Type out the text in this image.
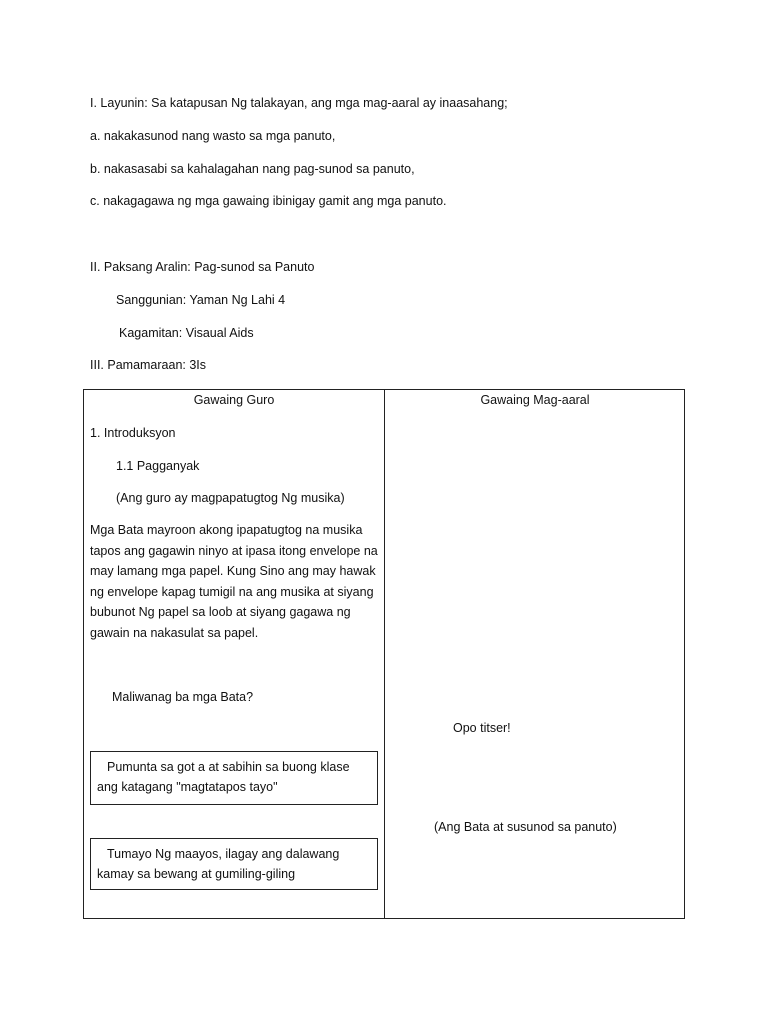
I. Layunin: Sa katapusan Ng talakayan, ang mga mag-aaral ay inaasahang;
a. nakakasunod nang wasto sa mga panuto,
b. nakasasabi sa kahalagahan nang pag-sunod sa panuto,
c. nakagagawa ng mga gawaing ibinigay gamit ang mga panuto.
II. Paksang Aralin: Pag-sunod sa Panuto
Sanggunian: Yaman Ng Lahi 4
Kagamitan: Visaual Aids
III. Pamamaraan: 3Is
Gawaing Guro	Gawaing Mag-aaral
1. Introduksyon
1.1 Pagganyak
(Ang guro ay magpapatugtog Ng musika)
Mga Bata mayroon akong ipapatugtog na musika tapos ang gagawin ninyo at ipasa itong envelope na may lamang mga papel. Kung Sino ang may hawak ng envelope kapag tumigil na ang musika at siyang bubunot Ng papel sa loob at siyang gagawa ng gawain na nakasulat sa papel.
Maliwanag ba mga Bata?
Pumunta sa got a at sabihin sa buong klase ang katagang "magtatapos tayo"
Tumayo Ng maayos, ilagay ang dalawang kamay sa bewang at gumiling-giling
Opo titser!
(Ang Bata at susunod sa panuto)
